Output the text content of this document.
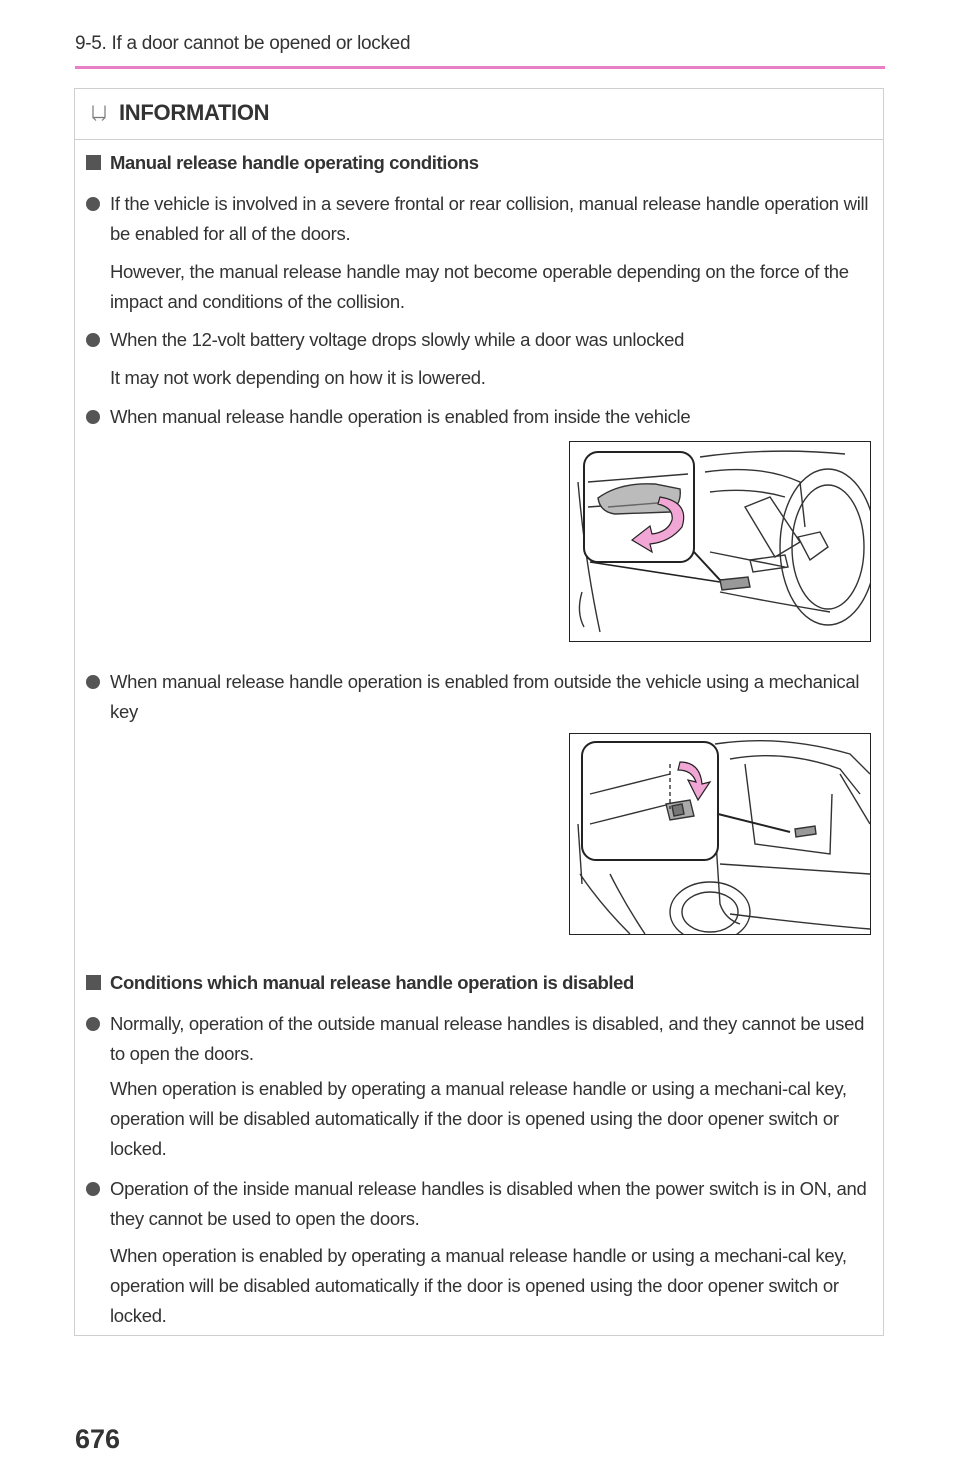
9-5. If a door cannot be opened or locked
INFORMATION
Manual release handle operating conditions
If the vehicle is involved in a severe frontal or rear collision, manual release handle operation will be enabled for all of the doors.
However, the manual release handle may not become operable depending on the force of the impact and conditions of the collision.
When the 12-volt battery voltage drops slowly while a door was unlocked
It may not work depending on how it is lowered.
When manual release handle operation is enabled from inside the vehicle
When manual release handle operation is enabled from outside the vehicle using a mechanical key
Conditions which manual release handle operation is disabled
Normally, operation of the outside manual release handles is disabled, and they cannot be used to open the doors.
When operation is enabled by operating a manual release handle or using a mechani-cal key, operation will be disabled automatically if the door is opened using the door opener switch or locked.
Operation of the inside manual release handles is disabled when the power switch is in ON, and they cannot be used to open the doors.
When operation is enabled by operating a manual release handle or using a mechani-cal key, operation will be disabled automatically if the door is opened using the door opener switch or locked.
676
